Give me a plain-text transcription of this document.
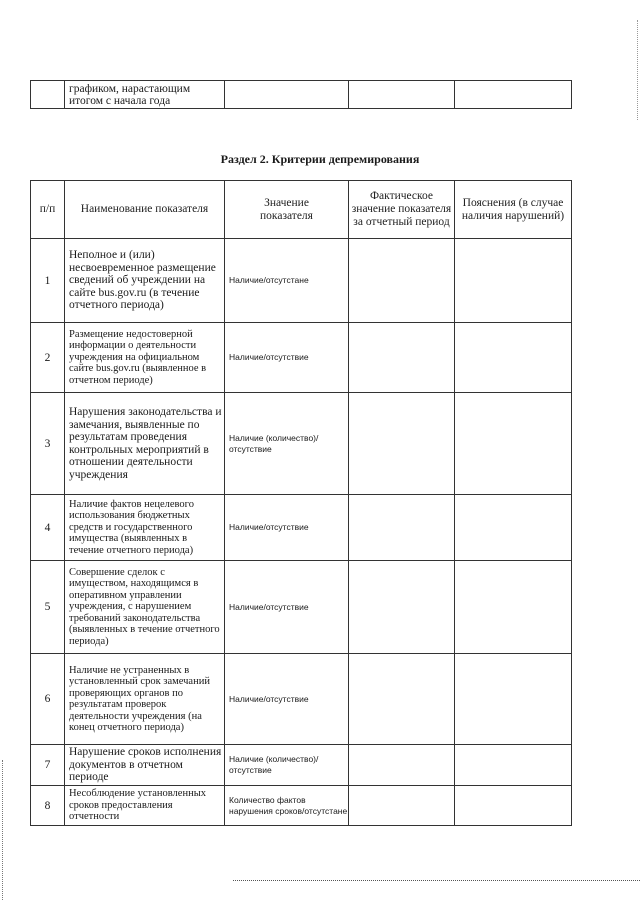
	графиком, нарастающим итогом с начала года			
Раздел 2. Критерии депремирования
п/п	Наименование показателя	Значение показателя	Фактическое значение показателя за отчетный период	Пояснения (в случае наличия нарушений)
1	Неполное и (или) несвоевременное размещение сведений об учреждении на сайте bus.gov.ru (в течение отчетного периода)	Наличие/отсутстане		
2	Размещение недостоверной информации о деятельности учреждения на официальном сайте bus.gov.ru (выявленное в отчетном периоде)	Наличие/отсутствие		
3	Нарушения законодательства и замечания, выявленные по результатам проведения контрольных мероприятий в отношении деятельности учреждения	Наличие (количество)/ отсутствие		
4	Наличие фактов нецелевого использования бюджетных средств и государственного имущества (выявленных в течение отчетного периода)	Наличие/отсутствие		
5	Совершение сделок с имуществом, находящимся в оперативном управлении учреждения, с нарушением требований законодательства (выявленных в течение отчетного периода)	Наличие/отсутствие		
6	Наличие не устраненных в установленный срок замечаний проверяющих органов по результатам проверок деятельности учреждения (на конец отчетного периода)	Наличие/отсутствие		
7	Нарушение сроков исполнения документов в отчетном периоде	Наличие (количество)/ отсутствие		
8	Несоблюдение установленных сроков предоставления отчетности	Количество фактов нарушения сроков/отсутстане		
